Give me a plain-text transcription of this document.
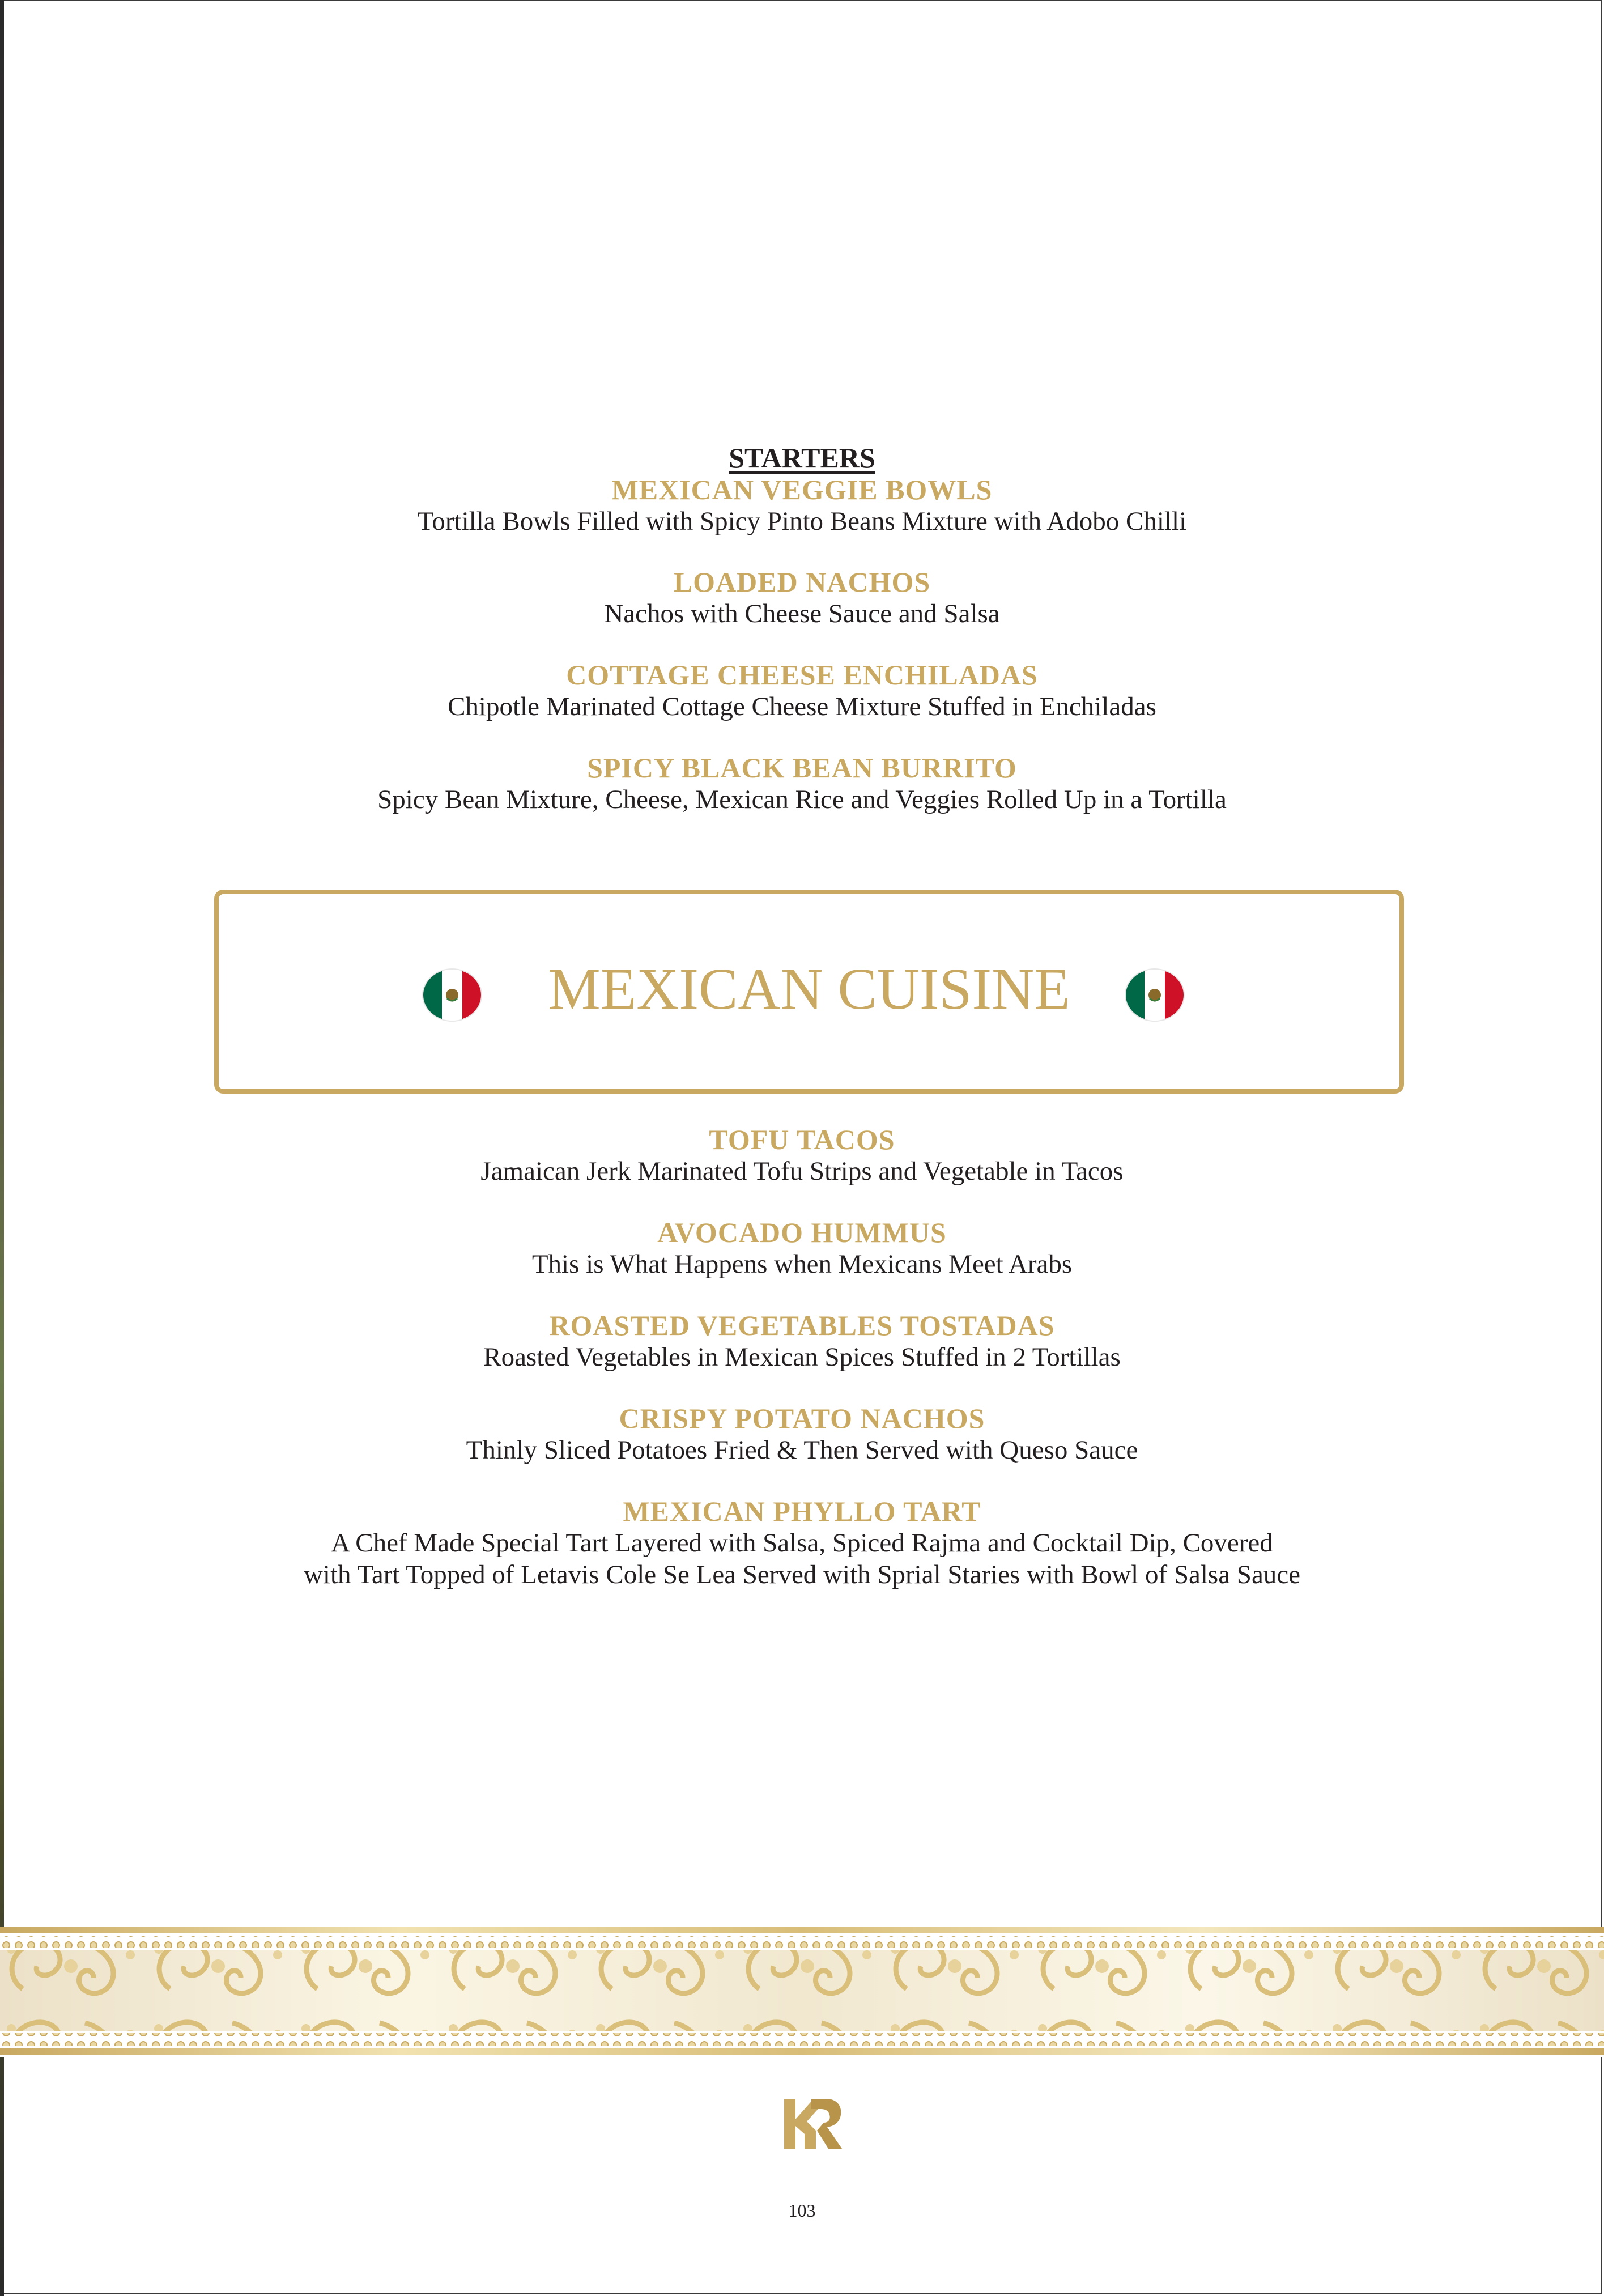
STARTERS
MEXICAN VEGGIE BOWLS
Tortilla Bowls Filled with Spicy Pinto Beans Mixture with Adobo Chilli
LOADED NACHOS
Nachos with Cheese Sauce and Salsa
COTTAGE CHEESE ENCHILADAS
Chipotle Marinated Cottage Cheese Mixture Stuffed in Enchiladas
SPICY BLACK BEAN BURRITO
Spicy Bean Mixture, Cheese, Mexican Rice and Veggies Rolled Up in a Tortilla
MEXICAN CUISINE
TOFU TACOS
Jamaican Jerk Marinated Tofu Strips and Vegetable in Tacos
AVOCADO HUMMUS
This is What Happens when Mexicans Meet Arabs
ROASTED VEGETABLES TOSTADAS
Roasted Vegetables in Mexican Spices Stuffed in 2 Tortillas
CRISPY POTATO NACHOS
Thinly Sliced Potatoes Fried & Then Served with Queso Sauce
MEXICAN PHYLLO TART
A Chef Made Special Tart Layered with Salsa, Spiced Rajma and Cocktail Dip, Covered
with Tart Topped of Letavis Cole Se Lea Served with Sprial Staries with Bowl of Salsa Sauce
103
